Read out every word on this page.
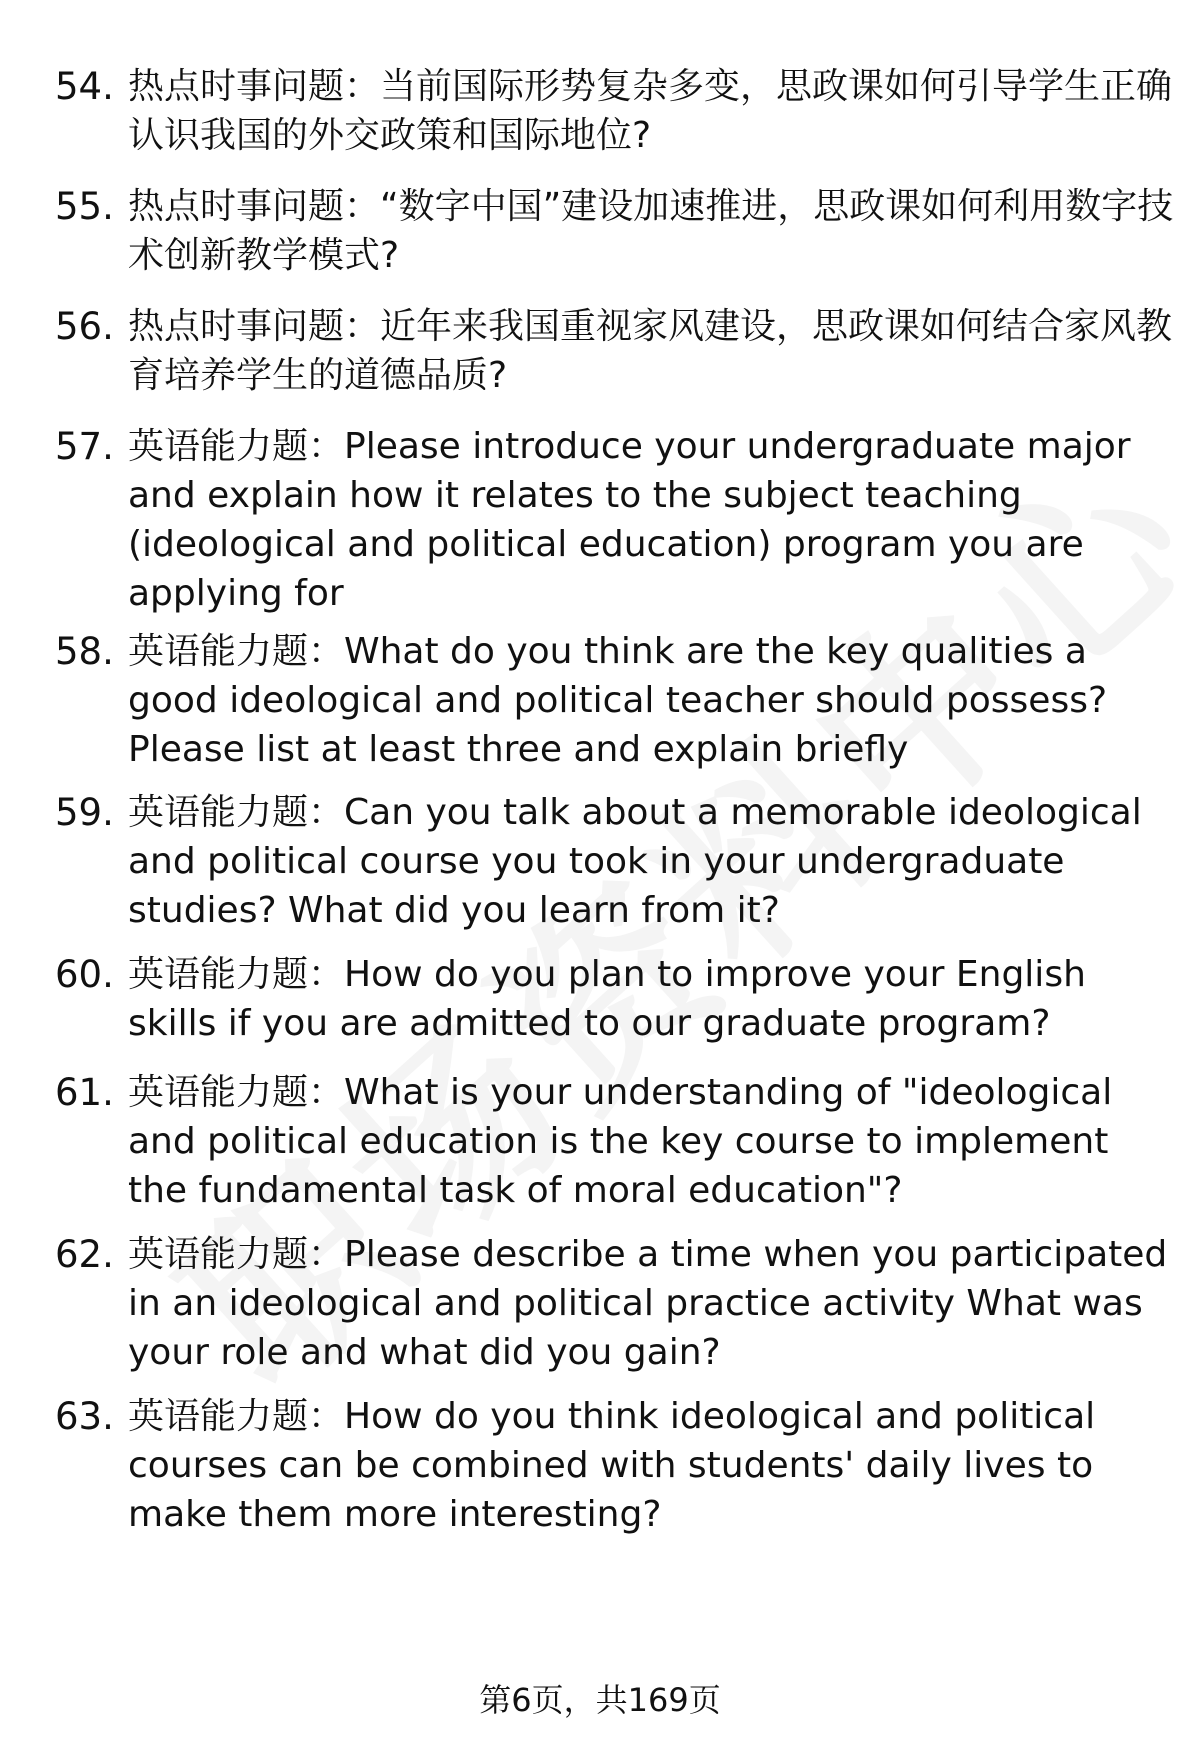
54. 热点时事问题：当前国际形势复杂多变，思政课如何引导学生正确认识我国的外交政策和国际地位?
55. 热点时事问题：“数字中国”建设加速推进，思政课如何利用数字技术创新教学模式?
56. 热点时事问题：近年来我国重视家风建设，思政课如何结合家风教育培养学生的道德品质?
57. 英语能力题：Please introduce your undergraduate major and explain how it relates to the subject teaching (ideological and political education) program you are applying for
58. 英语能力题：What do you think are the key qualities a good ideological and political teacher should possess? Please list at least three and explain briefly
59. 英语能力题：Can you talk about a memorable ideological and political course you took in your undergraduate studies? What did you learn from it?
60. 英语能力题：How do you plan to improve your English skills if you are admitted to our graduate program?
61. 英语能力题：What is your understanding of "ideological and political education is the key course to implement the fundamental task of moral education"?
62. 英语能力题：Please describe a time when you participated in an ideological and political practice activity What was your role and what did you gain?
63. 英语能力题：How do you think ideological and political courses can be combined with students' daily lives to make them more interesting?
第6页，共169页
